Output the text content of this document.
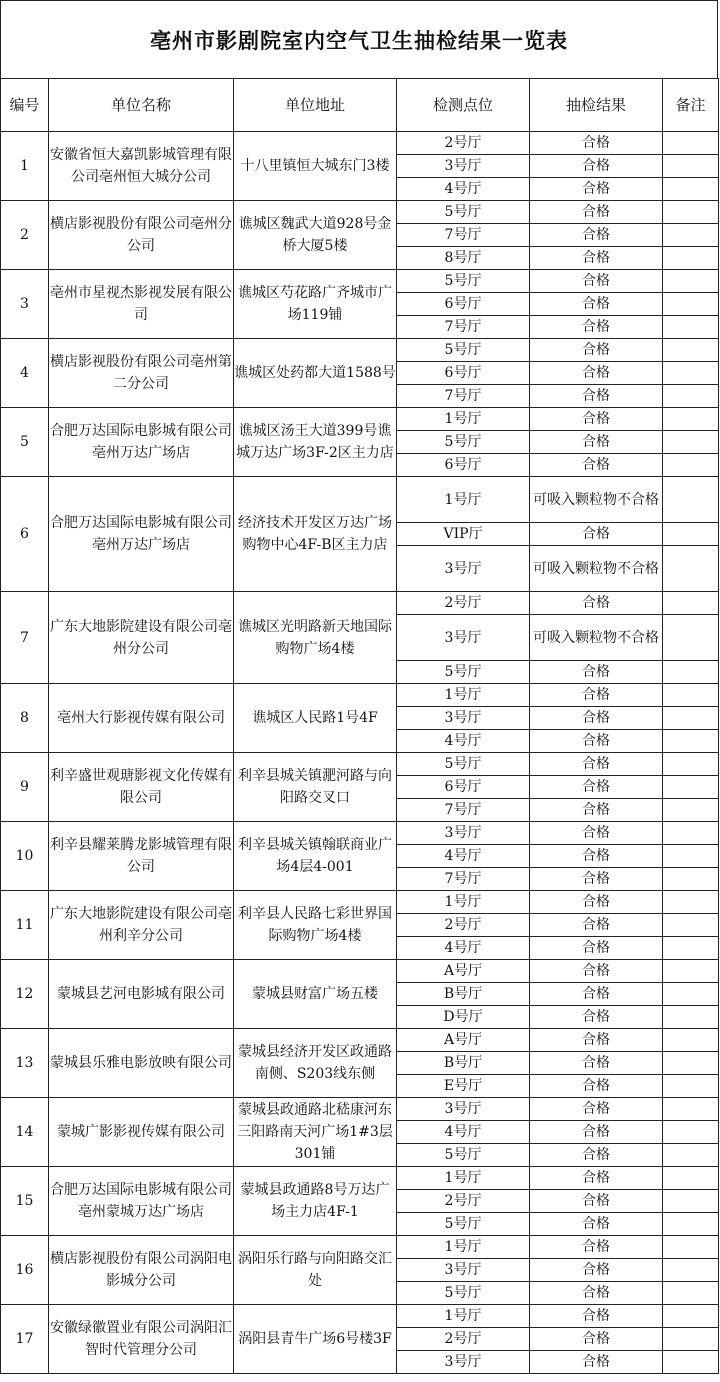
亳州市影剧院室内空气卫生抽检结果一览表
编号	单位名称	单位地址	检测点位	抽检结果	备注
1	安徽省恒大嘉凯影城管理有限公司亳州恒大城分公司	十八里镇恒大城东门3楼	2号厅	合格	
			3号厅	合格	
			4号厅	合格	
2	横店影视股份有限公司亳州分公司	谯城区魏武大道928号金桥大厦5楼	5号厅	合格	
			7号厅	合格	
			8号厅	合格	
3	亳州市星视杰影视发展有限公司	谯城区芍花路广齐城市广场119铺	5号厅	合格	
			6号厅	合格	
			7号厅	合格	
4	横店影视股份有限公司亳州第二分公司	谯城区处药都大道1588号	5号厅	合格	
			6号厅	合格	
			7号厅	合格	
5	合肥万达国际电影城有限公司亳州万达广场店	谯城区汤王大道399号谯城万达广场3F-2区主力店	1号厅	合格	
			5号厅	合格	
			6号厅	合格	
6	合肥万达国际电影城有限公司亳州万达广场店	经济技术开发区万达广场购物中心4F-B区主力店	1号厅	可吸入颗粒物不合格	
			VIP厅	合格	
			3号厅	可吸入颗粒物不合格	
7	广东大地影院建设有限公司亳州分公司	谯城区光明路新天地国际购物广场4楼	2号厅	合格	
			3号厅	可吸入颗粒物不合格	
			5号厅	合格	
8	亳州大行影视传媒有限公司	谯城区人民路1号4F	1号厅	合格	
			3号厅	合格	
			4号厅	合格	
9	利辛盛世观瑭影视文化传媒有限公司	利辛县城关镇淝河路与向阳路交叉口	5号厅	合格	
			6号厅	合格	
			7号厅	合格	
10	利辛县耀莱腾龙影城管理有限公司	利辛县城关镇翰联商业广场4层4-001	3号厅	合格	
			4号厅	合格	
			7号厅	合格	
11	广东大地影院建设有限公司亳州利辛分公司	利辛县人民路七彩世界国际购物广场4楼	1号厅	合格	
			2号厅	合格	
			4号厅	合格	
12	蒙城县艺河电影城有限公司	蒙城县财富广场五楼	A号厅	合格	
			B号厅	合格	
			D号厅	合格	
13	蒙城县乐雅电影放映有限公司	蒙城县经济开发区政通路南侧、S203线东侧	A号厅	合格	
			B号厅	合格	
			E号厅	合格	
14	蒙城广影影视传媒有限公司	蒙城县政通路北嵇康河东三阳路南天河广场1#3层301铺	3号厅	合格	
			4号厅	合格	
			5号厅	合格	
15	合肥万达国际电影城有限公司亳州蒙城万达广场店	蒙城县政通路8号万达广场主力店4F-1	1号厅	合格	
			2号厅	合格	
			5号厅	合格	
16	横店影视股份有限公司涡阳电影城分公司	涡阳乐行路与向阳路交汇处	1号厅	合格	
			3号厅	合格	
			5号厅	合格	
17	安徽绿徽置业有限公司涡阳汇智时代管理分公司	涡阳县青牛广场6号楼3F	1号厅	合格	
			2号厅	合格	
			3号厅	合格	
